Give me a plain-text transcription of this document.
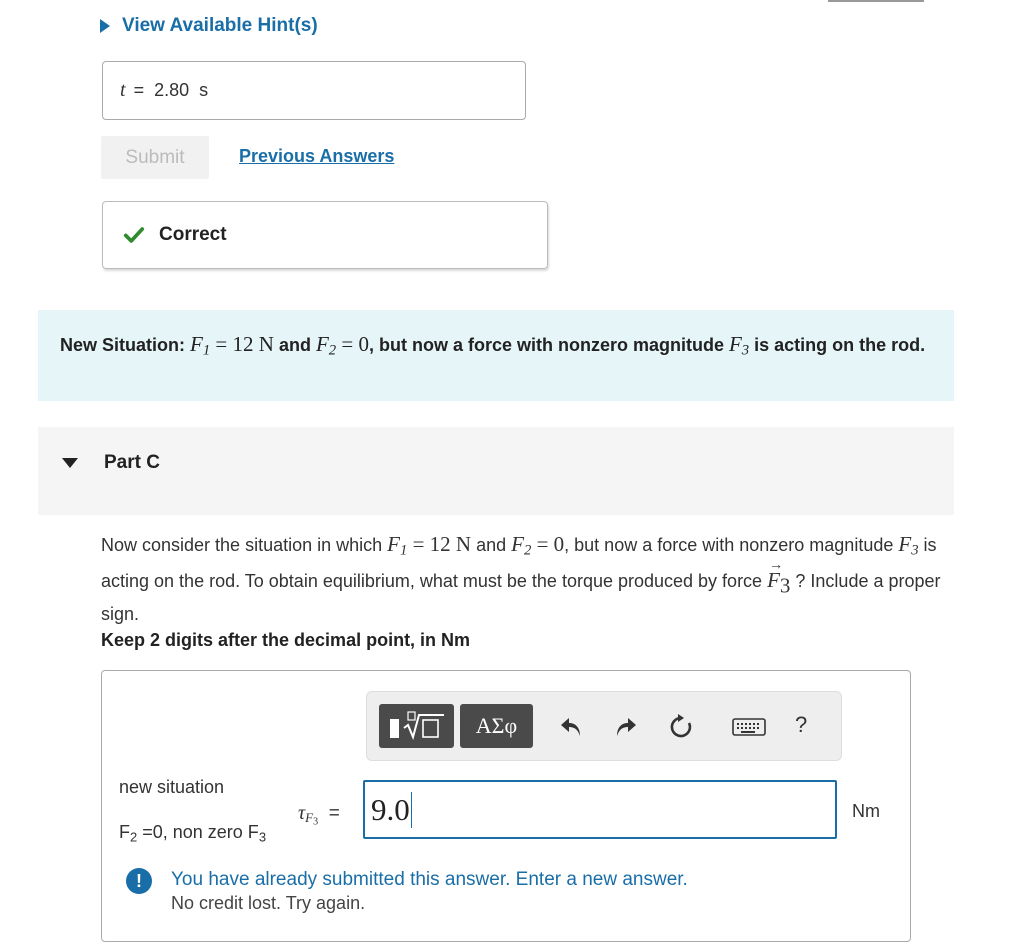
View Available Hint(s)
t =
2.80
s
Submit	Previous Answers
Correct
New Situation: $F_1 = 12$ N and $F_2 = 0$, but now a force with nonzero magnitude $F_3$ is acting on the rod.
Part C
Now consider the situation in which $F_1 = 12$ N and $F_2 = 0$, but now a force with nonzero magnitude $F_3$ is acting on the rod. To obtain equilibrium, what must be the torque produced by force → $F_3$ ? Include a proper sign.
Keep 2 digits after the decimal point, in Nm
ΑΣφ	?
new situation
$F_2 =0$, non zero $F_3$
$\tau_{F_3} = 9.0$	Nm
!	You have already submitted this answer. Enter a new answer.
No credit lost. Try again.
